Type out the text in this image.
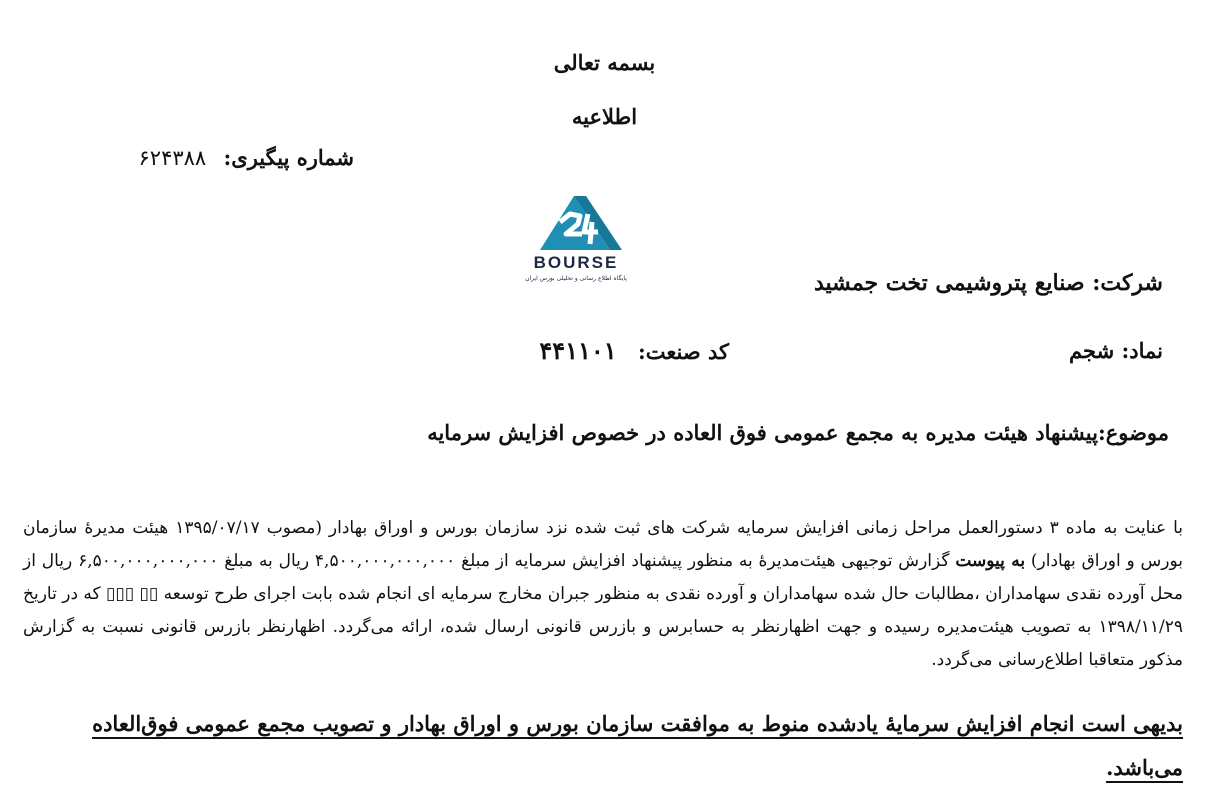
بسمه تعالی
اطلاعیه
شماره پیگیری: ۶۲۴۳۸۸
BOURSE
پایگاه اطلاع رسانی و تحلیلی بورس ایران	شرکت: صنایع پتروشیمی تخت جمشید
نماد: شجم
کد صنعت: ۴۴۱۱۰۱
موضوع:پیشنهاد هیئت مدیره به مجمع عمومی فوق العاده در خصوص افزایش سرمایه
با عنایت به ماده ۳ دستورالعمل مراحل زمانی افزایش سرمایه شرکت های ثبت شده نزد سازمان بورس و اوراق بهادار (مصوب ۱۳۹۵/۰۷/۱۷ هیئت مدیرۀ سازمان بورس و اوراق بهادار) به پیوست گزارش توجیهی هیئت‌مدیرۀ به منظور پیشنهاد افزایش سرمایه از مبلغ ۴,۵۰۰,۰۰۰,۰۰۰,۰۰۰ ریال به مبلغ ۶,۵۰۰,۰۰۰,۰۰۰,۰۰۰ ریال از محل آورده نقدی سهامداران ،مطالبات حال شده سهامداران و آورده نقدی به منظور جبران مخارج سرمایه ای انجام شده بابت اجرای طرح توسعه ▯▯ ▯▯▯ که در تاریخ ۱۳۹۸/۱۱/۲۹ به تصویب هیئت‌مدیره رسیده و جهت اظهارنظر به حسابرس و بازرس قانونی ارسال شده، ارائه می‌گردد. اظهارنظر بازرس قانونی نسبت به گزارش مذکور متعاقبا اطلاع‌رسانی می‌گردد.
بدیهی است انجام افزایش سرمایۀ یادشده منوط به موافقت سازمان بورس و اوراق بهادار و تصویب مجمع عمومی فوق‌العاده می‌باشد.
